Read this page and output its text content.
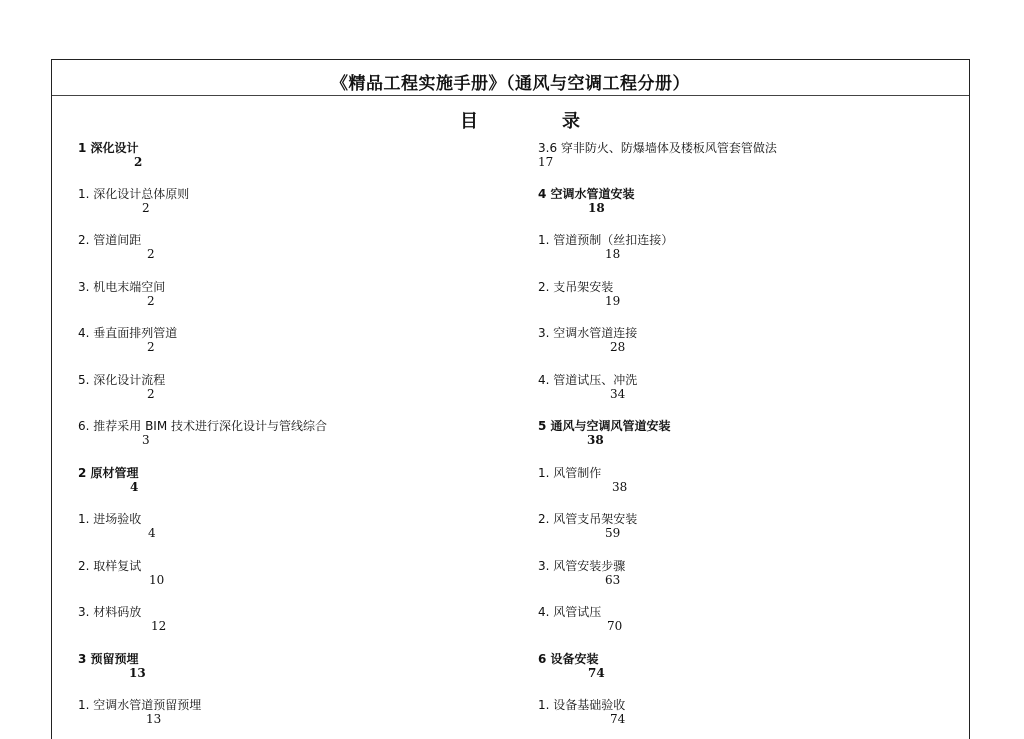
《精品工程实施手册》（通风与空调工程分册）
目	录
1 深化设计
2
1. 深化设计总体原则
2
2. 管道间距
2
3. 机电末端空间
2
4. 垂直面排列管道
2
5. 深化设计流程
2
6. 推荐采用 BIM 技术进行深化设计与管线综合
3
2 原材管理
4
1. 进场验收
4
2. 取样复试
10
3. 材料码放
12
3 预留预埋
13
1. 空调水管道预留预埋
13
3.6 穿非防火、防爆墙体及楼板风管套管做法
17
4 空调水管道安装
18
1. 管道预制（丝扣连接）
18
2. 支吊架安装
19
3. 空调水管道连接
28
4. 管道试压、冲洗
34
5 通风与空调风管道安装
38
1. 风管制作
38
2. 风管支吊架安装
59
3. 风管安装步骤
63
4. 风管试压
70
6 设备安装
74
1. 设备基础验收
74
